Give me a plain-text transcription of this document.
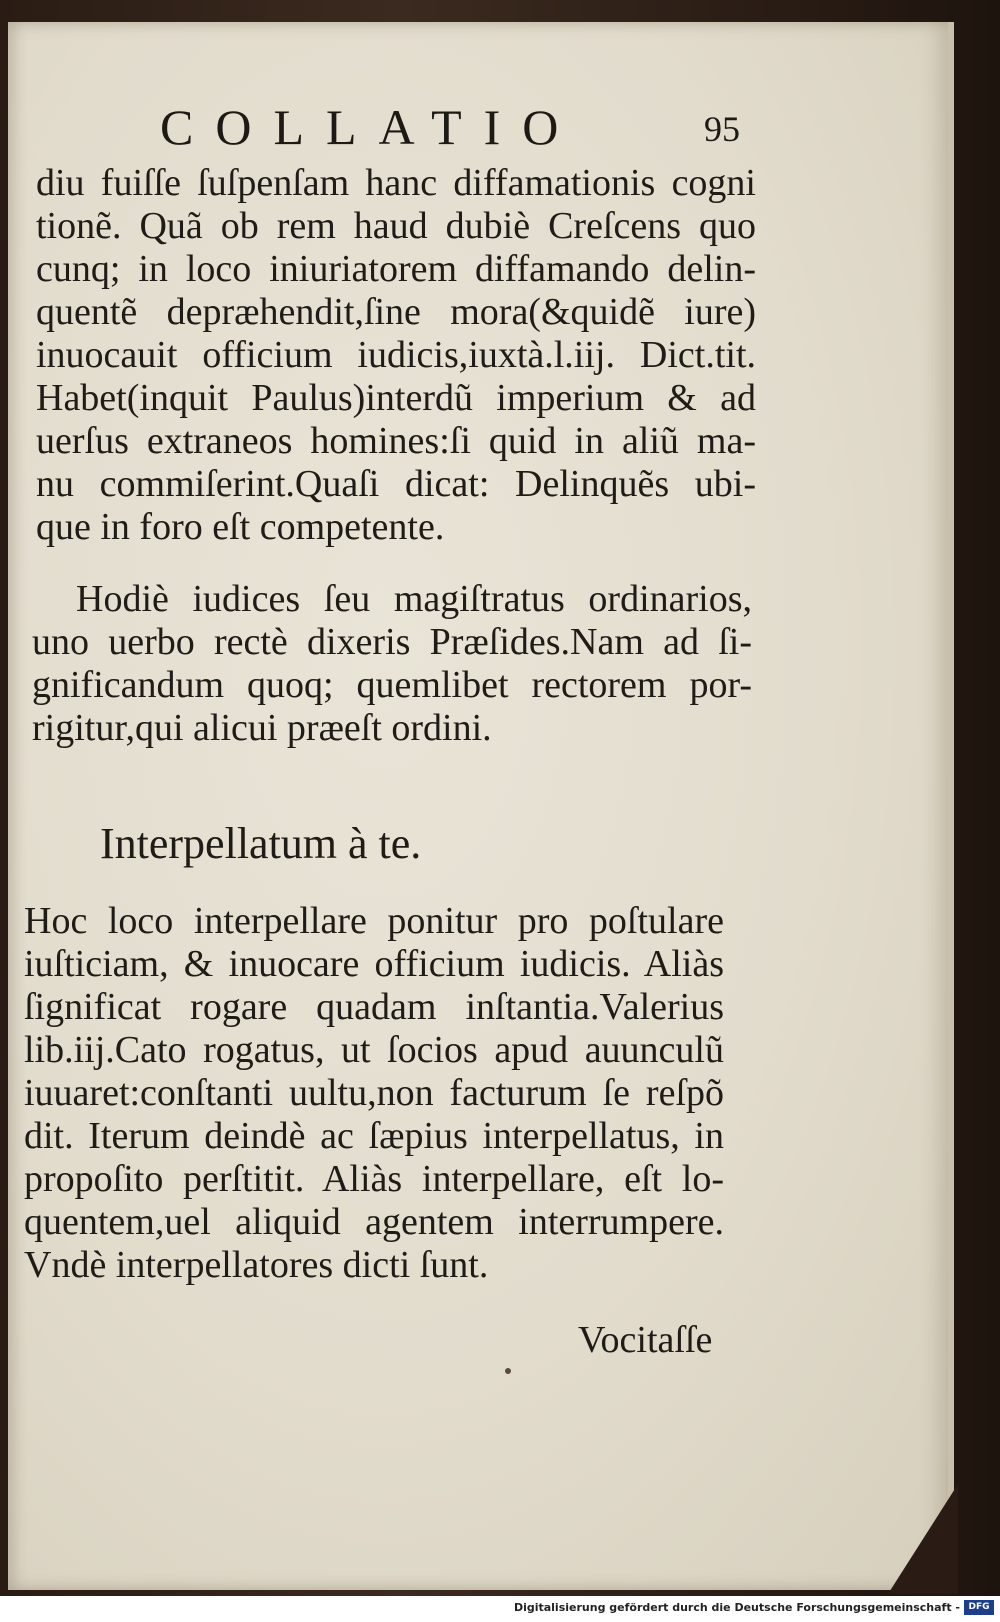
COLLATIO	95
diu fuiſſe ſuſpenſam hanc diffamationis cogni
tionẽ. Quã ob rem haud dubiè Creſcens quo
cunq; in loco iniuriatorem diffamando delin-
quentẽ depræhendit,ſine mora(&quidẽ iure)
inuocauit officium iudicis,iuxtà.l.iij. Dict.tit.
Habet(inquit Paulus)interdũ imperium & ad
uerſus extraneos homines:ſi quid in aliũ ma-
nu commiſerint.Quaſi dicat: Delinquẽs ubi-
que in foro eſt competente.
Hodiè iudices ſeu magiſtratus ordinarios,
uno uerbo rectè dixeris Præſides.Nam ad ſi-
gnificandum quoq; quemlibet rectorem por-
rigitur,qui alicui præeſt ordini.
Interpellatum à te.
Hoc loco interpellare ponitur pro poſtulare
iuſticiam, & inuocare officium iudicis. Aliàs
ſignificat rogare quadam inſtantia.Valerius
lib.iij.Cato rogatus, ut ſocios apud auunculũ
iuuaret:conſtanti uultu,non facturum ſe reſpõ
dit. Iterum deindè ac ſæpius interpellatus, in
propoſito perſtitit. Aliàs interpellare, eſt lo-
quentem,uel aliquid agentem interrumpere.
Vndè interpellatores dicti ſunt.
Vocitaſſe
Digitalisierung gefördert durch die Deutsche Forschungsgemeinschaft - DFG
